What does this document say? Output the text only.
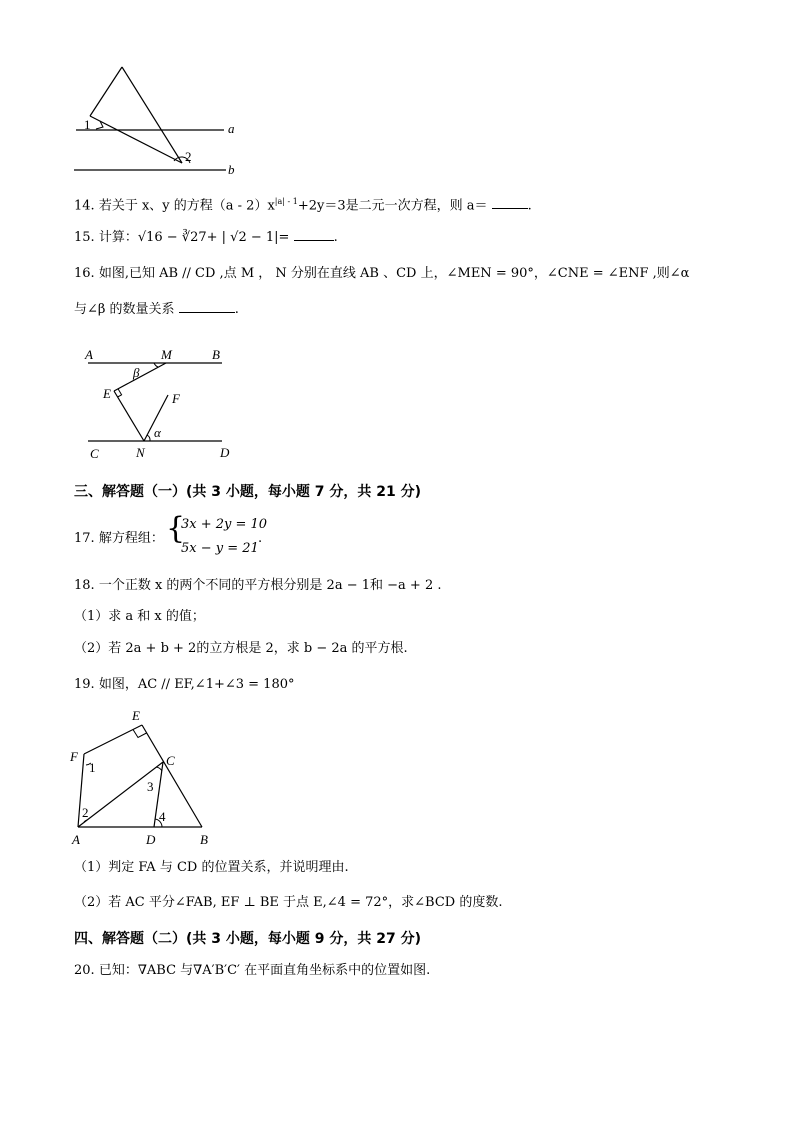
a
b
1
2
14. 若关于 x、y 的方程$(a - 2)x^{|a| - 1}+2y=3$是二元一次方程，则 a＝	.
15. 计算：√16 − ∛27+ | √2 − 1|=	.
16. 如图,已知 AB // CD ,点 M ， N 分别在直线 AB 、CD 上，∠MEN = 90°，∠CNE = ∠ENF ,则∠α
与∠β 的数量关系	.
A	M	B
β
E	F
α
C	N	D
三、解答题（一）(共 3 小题，每小题 7 分，共 21 分)
17. 解方程组： {
3x + 2y = 10
5x − y = 21
.
18. 一个正数 x 的两个不同的平方根分别是 2a − 1和 −a + 2 .
（1）求 a 和 x 的值；
（2）若 2a + b + 2的立方根是 2，求 b − 2a 的平方根.
19. 如图，AC // EF,∠1+∠3 = 180°
E
F	C
1
3
2	4
A	D	B
（1）判定 FA 与 CD 的位置关系，并说明理由.
（2）若 AC 平分∠FAB, EF ⊥ BE 于点 E,∠4 = 72°，求∠BCD 的度数.
四、解答题（二）(共 3 小题，每小题 9 分，共 27 分)
20. 已知：∇ABC 与∇A′B′C′ 在平面直角坐标系中的位置如图.
